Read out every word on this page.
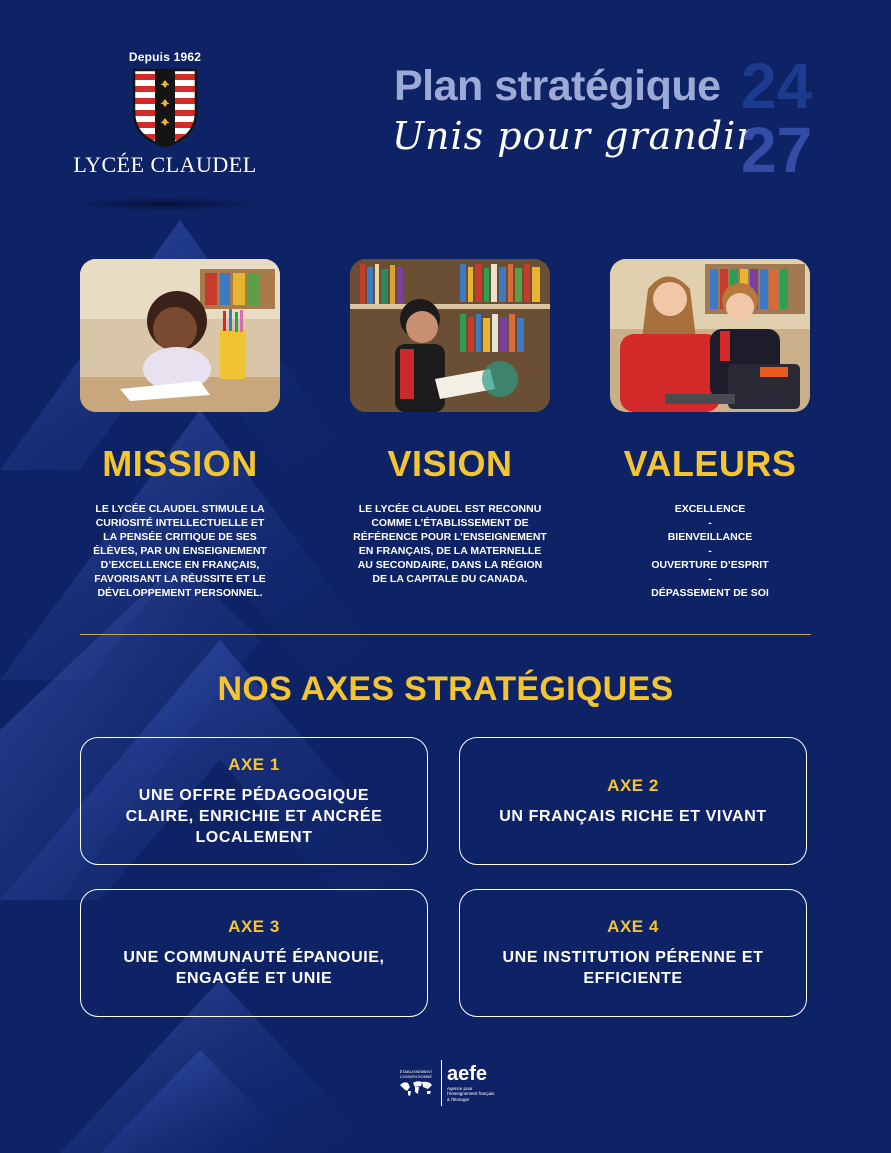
Depuis 1962
LYCÉE CLAUDEL
Plan stratégique
Unis pour grandir
24
27
MISSION	VISION	VALEURS

LE LYCÉE CLAUDEL STIMULE LA

CURIOSITÉ INTELLECTUELLE ET

LA PENSÉE CRITIQUE DE SES

ÉLÈVES, PAR UN ENSEIGNEMENT

D’EXCELLENCE EN FRANÇAIS,

FAVORISANT LA RÉUSSITE ET LE

DÉVELOPPEMENT PERSONNEL.

LE LYCÉE CLAUDEL EST RECONNU

COMME L’ÉTABLISSEMENT DE

RÉFÉRENCE POUR L’ENSEIGNEMENT

EN FRANÇAIS, DE LA MATERNELLE

AU SECONDAIRE, DANS LA RÉGION

DE LA CAPITALE DU CANADA.

EXCELLENCE

-

BIENVEILLANCE

-

OUVERTURE D’ESPRIT

-

DÉPASSEMENT DE SOI

NOS AXES STRATÉGIQUES
AXE 1
UNE OFFRE PÉDAGOGIQUE CLAIRE, ENRICHIE ET ANCRÉE LOCALEMENT
AXE 2
UN FRANÇAIS RICHE ET VIVANT
AXE 3
UNE COMMUNAUTÉ ÉPANOUIE, ENGAGÉE ET UNIE
AXE 4
UNE INSTITUTION PÉRENNE ET EFFICIENTE
ÉTABLISSEMENT
CONVENTIONNÉ aefe
Agence pour
l’enseignement français
à l’étranger
